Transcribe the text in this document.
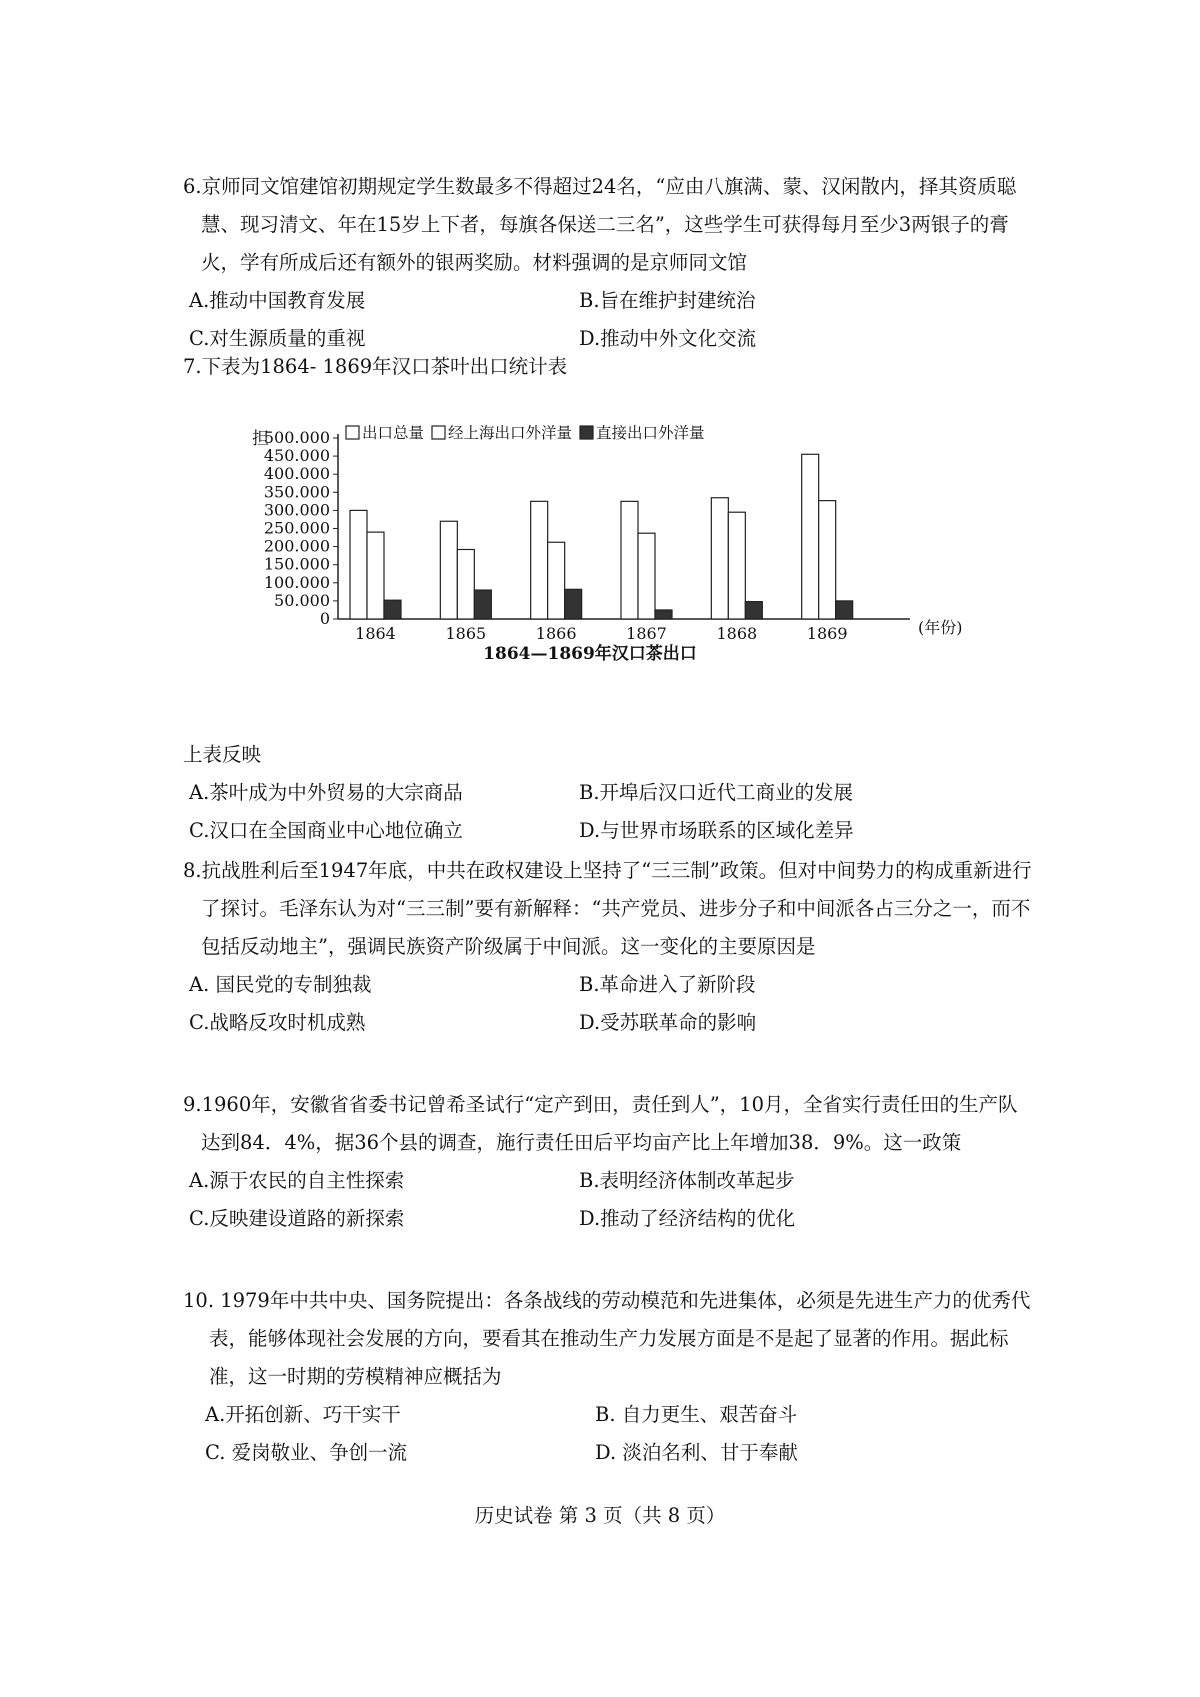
6.京师同文馆建馆初期规定学生数最多不得超过24名，“应由八旗满、蒙、汉闲散内，择其资质聪慧、现习清文、年在15岁上下者，每旗各保送二三名”，这些学生可获得每月至少3两银子的膏火，学有所成后还有额外的银两奖励。材料强调的是京师同文馆
A.推动中国教育发展	B.旨在维护封建统治
C.对生源质量的重视	D.推动中外文化交流
7.下表为1864- 1869年汉口茶叶出口统计表
0
50.000
100.000
150.000
200.000
250.000
300.000
350.000
400.000
450.000
500.000
1864	1865	1866	1867	1868	1869
出口总量 经上海出口外洋量 直接出口外洋量
担
(年份)
1864—1869年汉口茶出口
上表反映
A.茶叶成为中外贸易的大宗商品	B.开埠后汉口近代工商业的发展
C.汉口在全国商业中心地位确立	D.与世界市场联系的区域化差异
8.抗战胜利后至1947年底，中共在政权建设上坚持了“三三制”政策。但对中间势力的构成重新进行了探讨。毛泽东认为对“三三制”要有新解释：“共产党员、进步分子和中间派各占三分之一，而不包括反动地主”，强调民族资产阶级属于中间派。这一变化的主要原因是
A. 国民党的专制独裁	B.革命进入了新阶段
C.战略反攻时机成熟	D.受苏联革命的影响
9.1960年，安徽省省委书记曾希圣试行“定产到田，责任到人”，10月，全省实行责任田的生产队达到84．4%，据36个县的调查，施行责任田后平均亩产比上年增加38．9%。这一政策
A.源于农民的自主性探索	B.表明经济体制改革起步
C.反映建设道路的新探索	D.推动了经济结构的优化
10. 1979年中共中央、国务院提出：各条战线的劳动模范和先进集体，必须是先进生产力的优秀代表，能够体现社会发展的方向，要看其在推动生产力发展方面是不是起了显著的作用。据此标准，这一时期的劳模精神应概括为
A.开拓创新、巧干实干	B. 自力更生、艰苦奋斗
C. 爱岗敬业、争创一流	D. 淡泊名利、甘于奉献
历史试卷 第 3 页（共 8 页）
